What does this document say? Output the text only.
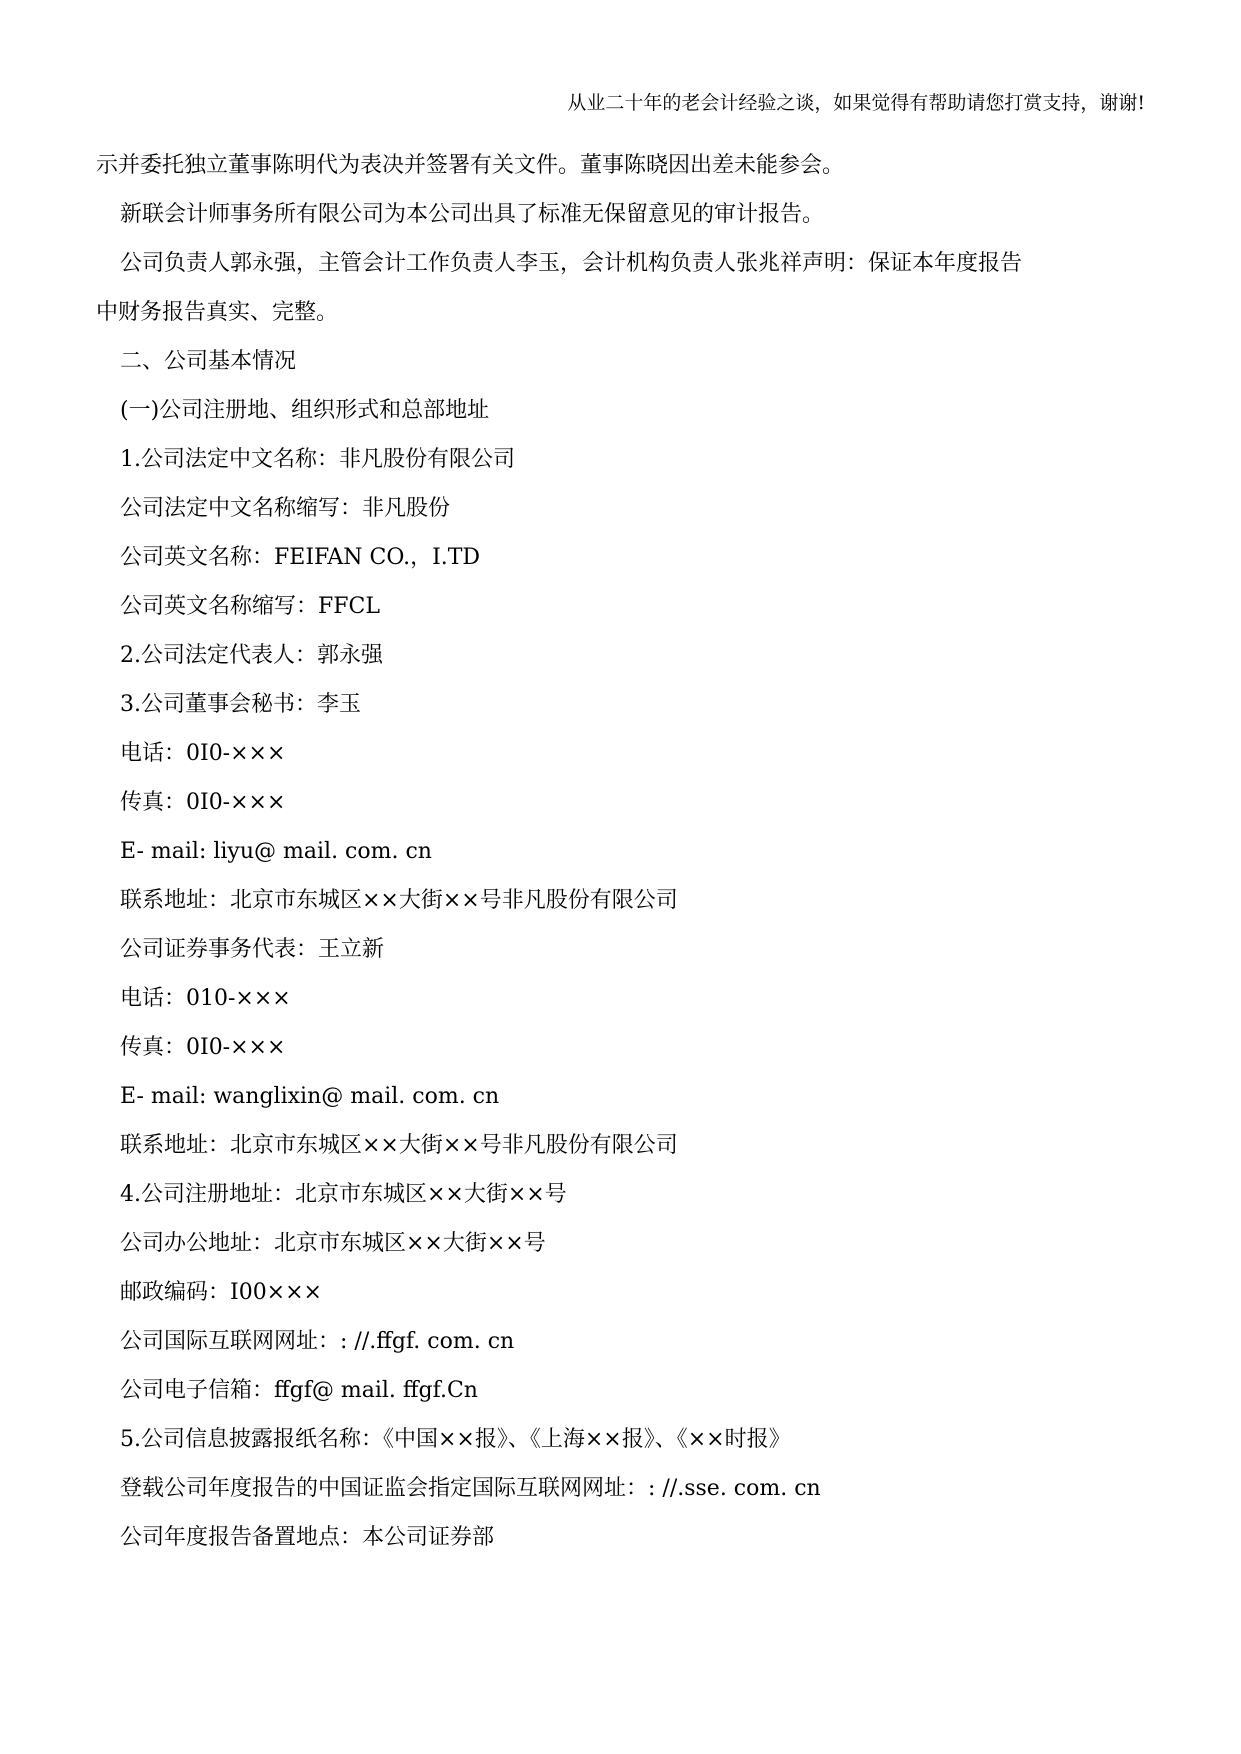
从业二十年的老会计经验之谈，如果觉得有帮助请您打赏支持，谢谢!
示并委托独立董事陈明代为表决并签署有关文件。董事陈晓因出差未能参会。
新联会计师事务所有限公司为本公司出具了标准无保留意见的审计报告。
公司负责人郭永强，主管会计工作负责人李玉，会计机构负责人张兆祥声明：保证本年度报告
中财务报告真实、完整。
二、公司基本情况
(一)公司注册地、组织形式和总部地址
1.公司法定中文名称：非凡股份有限公司
公司法定中文名称缩写：非凡股份
公司英文名称：FEIFAN CO.，I.TD
公司英文名称缩写：FFCL
2.公司法定代表人：郭永强
3.公司董事会秘书：李玉
电话：0I0-×××
传真：0I0-×××
E- mail: liyu@ mail. com. cn
联系地址：北京市东城区××大街××号非凡股份有限公司
公司证券事务代表：王立新
电话：010-×××
传真：0I0-×××
E- mail: wanglixin@ mail. com. cn
联系地址：北京市东城区××大街××号非凡股份有限公司
4.公司注册地址：北京市东城区××大街××号
公司办公地址：北京市东城区××大街××号
邮政编码：I00×××
公司国际互联网网址：: //.ffgf. com. cn
公司电子信箱：ffgf@ mail. ffgf.Cn
5.公司信息披露报纸名称：《中国××报》、《上海××报》、《××时报》
登载公司年度报告的中国证监会指定国际互联网网址：: //.sse. com. cn
公司年度报告备置地点：本公司证券部
